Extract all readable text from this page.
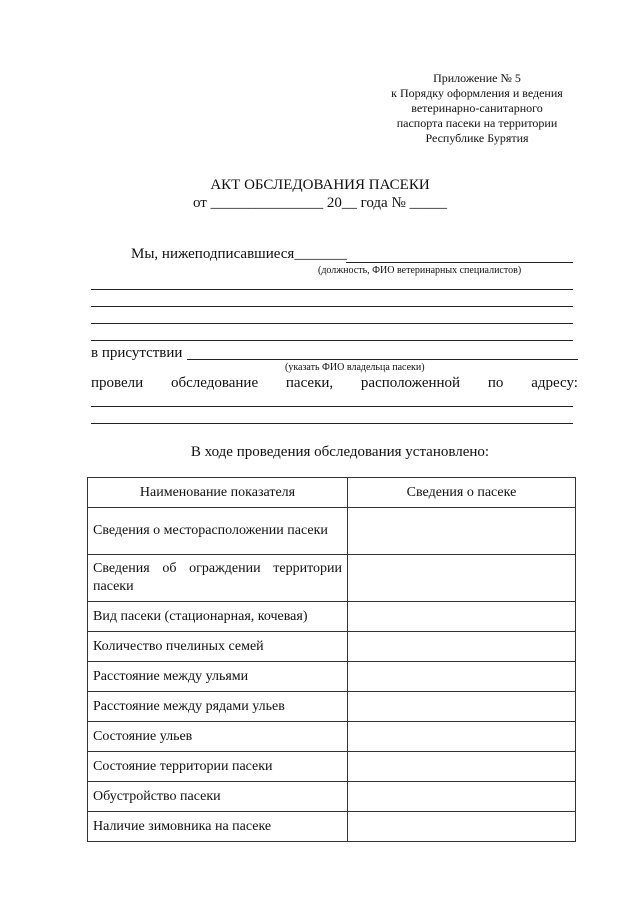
Приложение № 5
к Порядку оформления и ведения
ветеринарно-санитарного
паспорта пасеки на территории
Республике Бурятия
АКТ ОБСЛЕДОВАНИЯ ПАСЕКИ
от _______________ 20__ года № _____
Мы, нижеподписавшиеся_______
(должность, ФИО ветеринарных специалистов)
в присутствии
(указать ФИО владельца пасеки)
провели обследование пасеки, расположенной по адресу:
В ходе проведения обследования установлено:
Наименование показателя	Сведения о пасеке

Сведения о месторасположении пасеки	

Сведения об ограждении территории пасеки	

Вид пасеки (стационарная, кочевая)	
Количество пчелиных семей	
Расстояние между ульями	
Расстояние между рядами ульев	
Состояние ульев	
Состояние территории пасеки	
Обустройство пасеки	
Наличие зимовника на пасеке	
